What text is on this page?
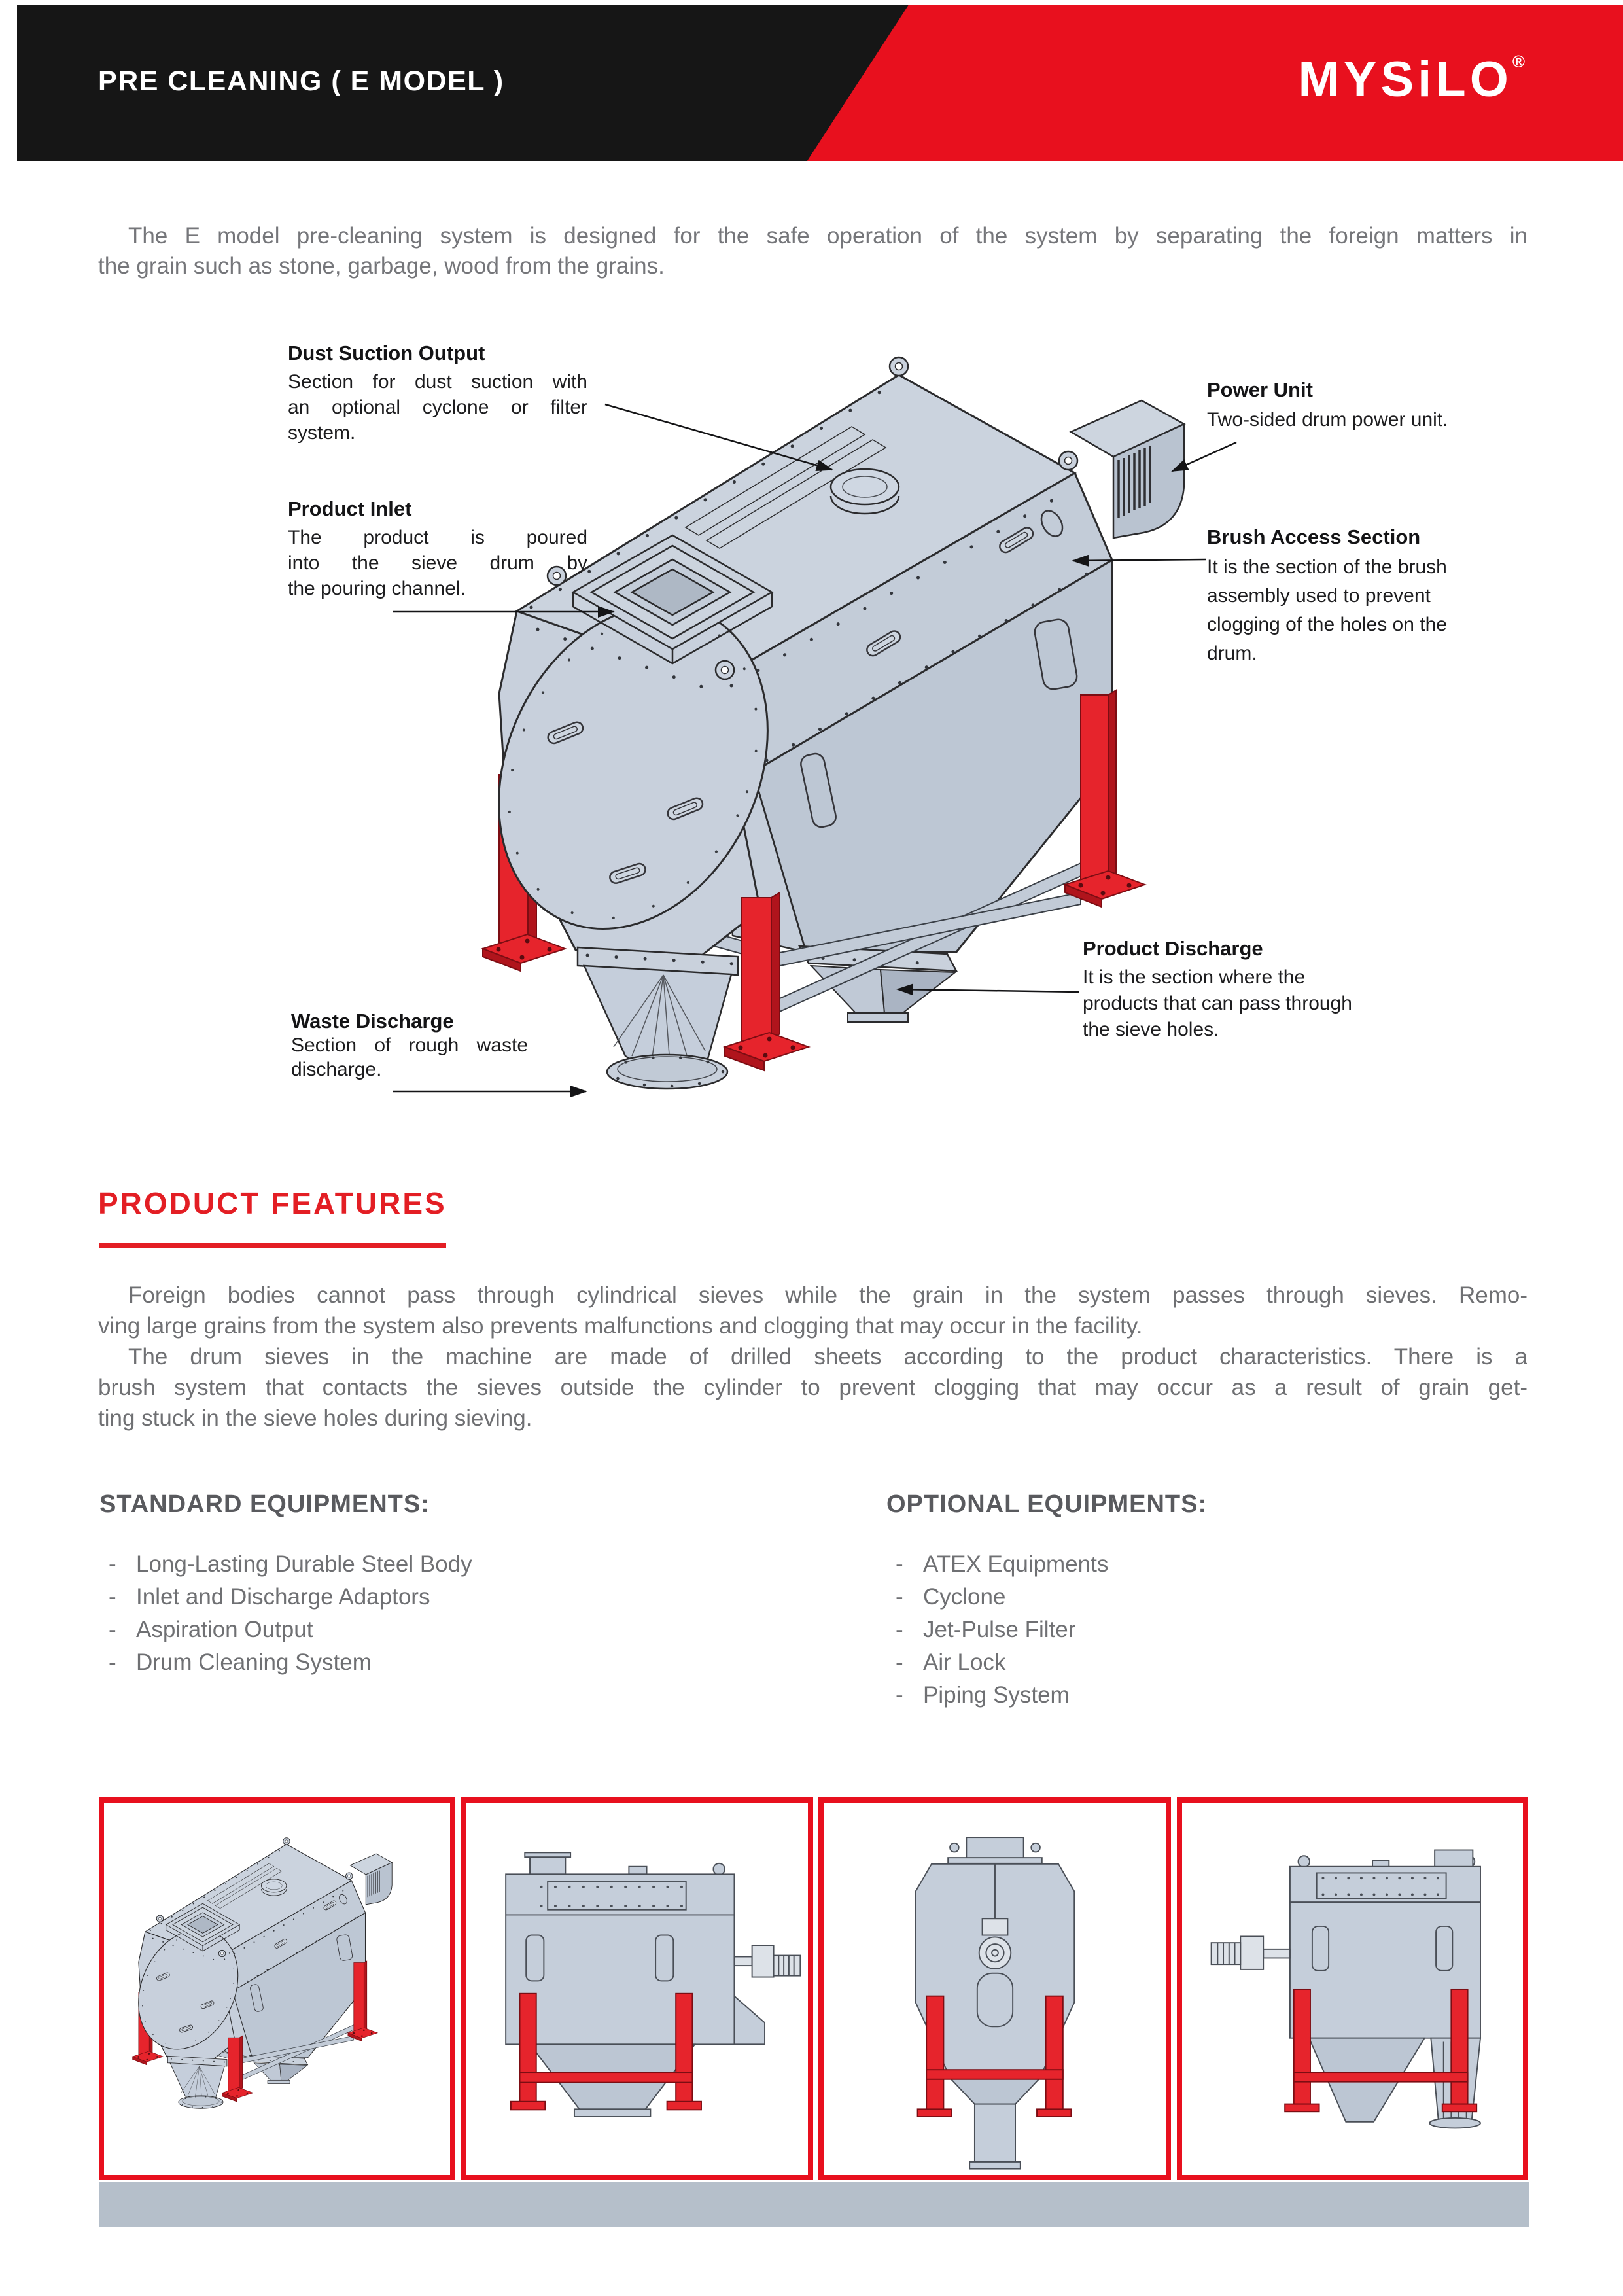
PRE CLEANING ( E MODEL )	MYSiLO®
The E model pre-cleaning system is designed for the safe operation of the system by separating the foreign matters in
the grain such as stone, garbage, wood from the grains.
Dust Suction Output
Section for dust suction with
an optional cyclone or filter
system.
Product Inlet
The product is poured
into the sieve drum by
the pouring channel.
Power Unit
Two-sided drum power unit.
Brush Access Section
It is the section of the brush
assembly used to prevent
clogging of the holes on the
drum.
Product Discharge
It is the section where the
products that can pass through
the sieve holes.
Waste Discharge
Section of rough waste
discharge.
PRODUCT FEATURES
Foreign bodies cannot pass through cylindrical sieves while the grain in the system passes through sieves. Remo-
ving large grains from the system also prevents malfunctions and clogging that may occur in the facility.
The drum sieves in the machine are made of drilled sheets according to the product characteristics. There is a
brush system that contacts the sieves outside the cylinder to prevent clogging that may occur as a result of grain get-
ting stuck in the sieve holes during sieving.
STANDARD EQUIPMENTS:
- Long-Lasting Durable Steel Body
- Inlet and Discharge Adaptors
- Aspiration Output
- Drum Cleaning System
OPTIONAL EQUIPMENTS:
- ATEX Equipments
- Cyclone
- Jet-Pulse Filter
- Air Lock
- Piping System
